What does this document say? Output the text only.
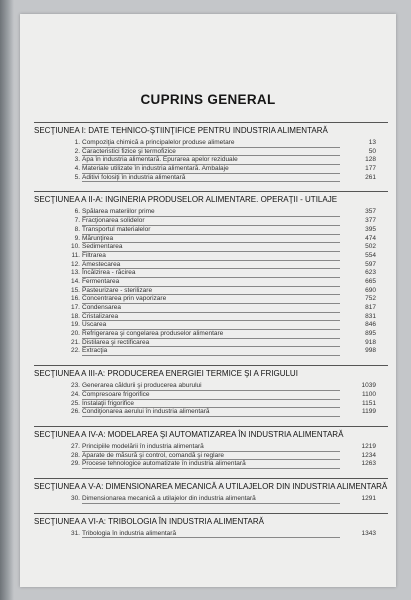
CUPRINS GENERAL
SECŢIUNEA I: DATE TEHNICO-ŞTIINŢIFICE PENTRU INDUSTRIA ALIMENTARĂ
1. Compoziţia chimică a principalelor produse alimetare	13
2. Caracteristici fizice şi termofizice	50
3. Apa în industria alimentară. Epurarea apelor reziduale	128
4. Materiale utilizate în industria alimentară. Ambalaje	177
5. Aditivi folosiţi în industria alimentară	261
SECŢIUNEA A II-A: INGINERIA PRODUSELOR ALIMENTARE. OPERAŢII - UTILAJE
6. Spălarea materiilor prime	357
7. Fracţionarea solidelor	377
8. Transportul materialelor	395
9. Mărunţirea	474
10. Sedimentarea	502
11. Filtrarea	554
12. Amestecarea	597
13. Încălzirea - răcirea	623
14. Fermentarea	665
15. Pasteurizare - sterilizare	690
16. Concentrarea prin vaporizare	752
17. Condensarea	817
18. Cristalizarea	831
19. Uscarea	846
20. Refrigerarea şi congelarea produselor alimentare	895
21. Distilarea şi rectificarea	918
22. Extracţia	998
SECŢIUNEA A III-A: PRODUCEREA ENERGIEI TERMICE ŞI A FRIGULUI
23. Generarea căldurii şi producerea aburului	1039
24. Compresoare frigorifice	1100
25. Instalaţii frigorifice	1151
26. Condiţionarea aerului în industria alimentară	1199
SECŢIUNEA A IV-A: MODELAREA ŞI AUTOMATIZAREA ÎN INDUSTRIA ALIMENTARĂ
27. Principiile modelării în industria alimentară	1219
28. Aparate de măsură şi control, comandă şi reglare	1234
29. Procese tehnologice automatizate în industria alimentară	1263
SECŢIUNEA A V-A: DIMENSIONAREA MECANICĂ A UTILAJELOR DIN INDUSTRIA ALIMENTARĂ
30. Dimensionarea mecanică a utilajelor din industria alimentară	1291
SECŢIUNEA A VI-A: TRIBOLOGIA ÎN INDUSTRIA ALIMENTARĂ
31. Tribologia în industria alimentară	1343
